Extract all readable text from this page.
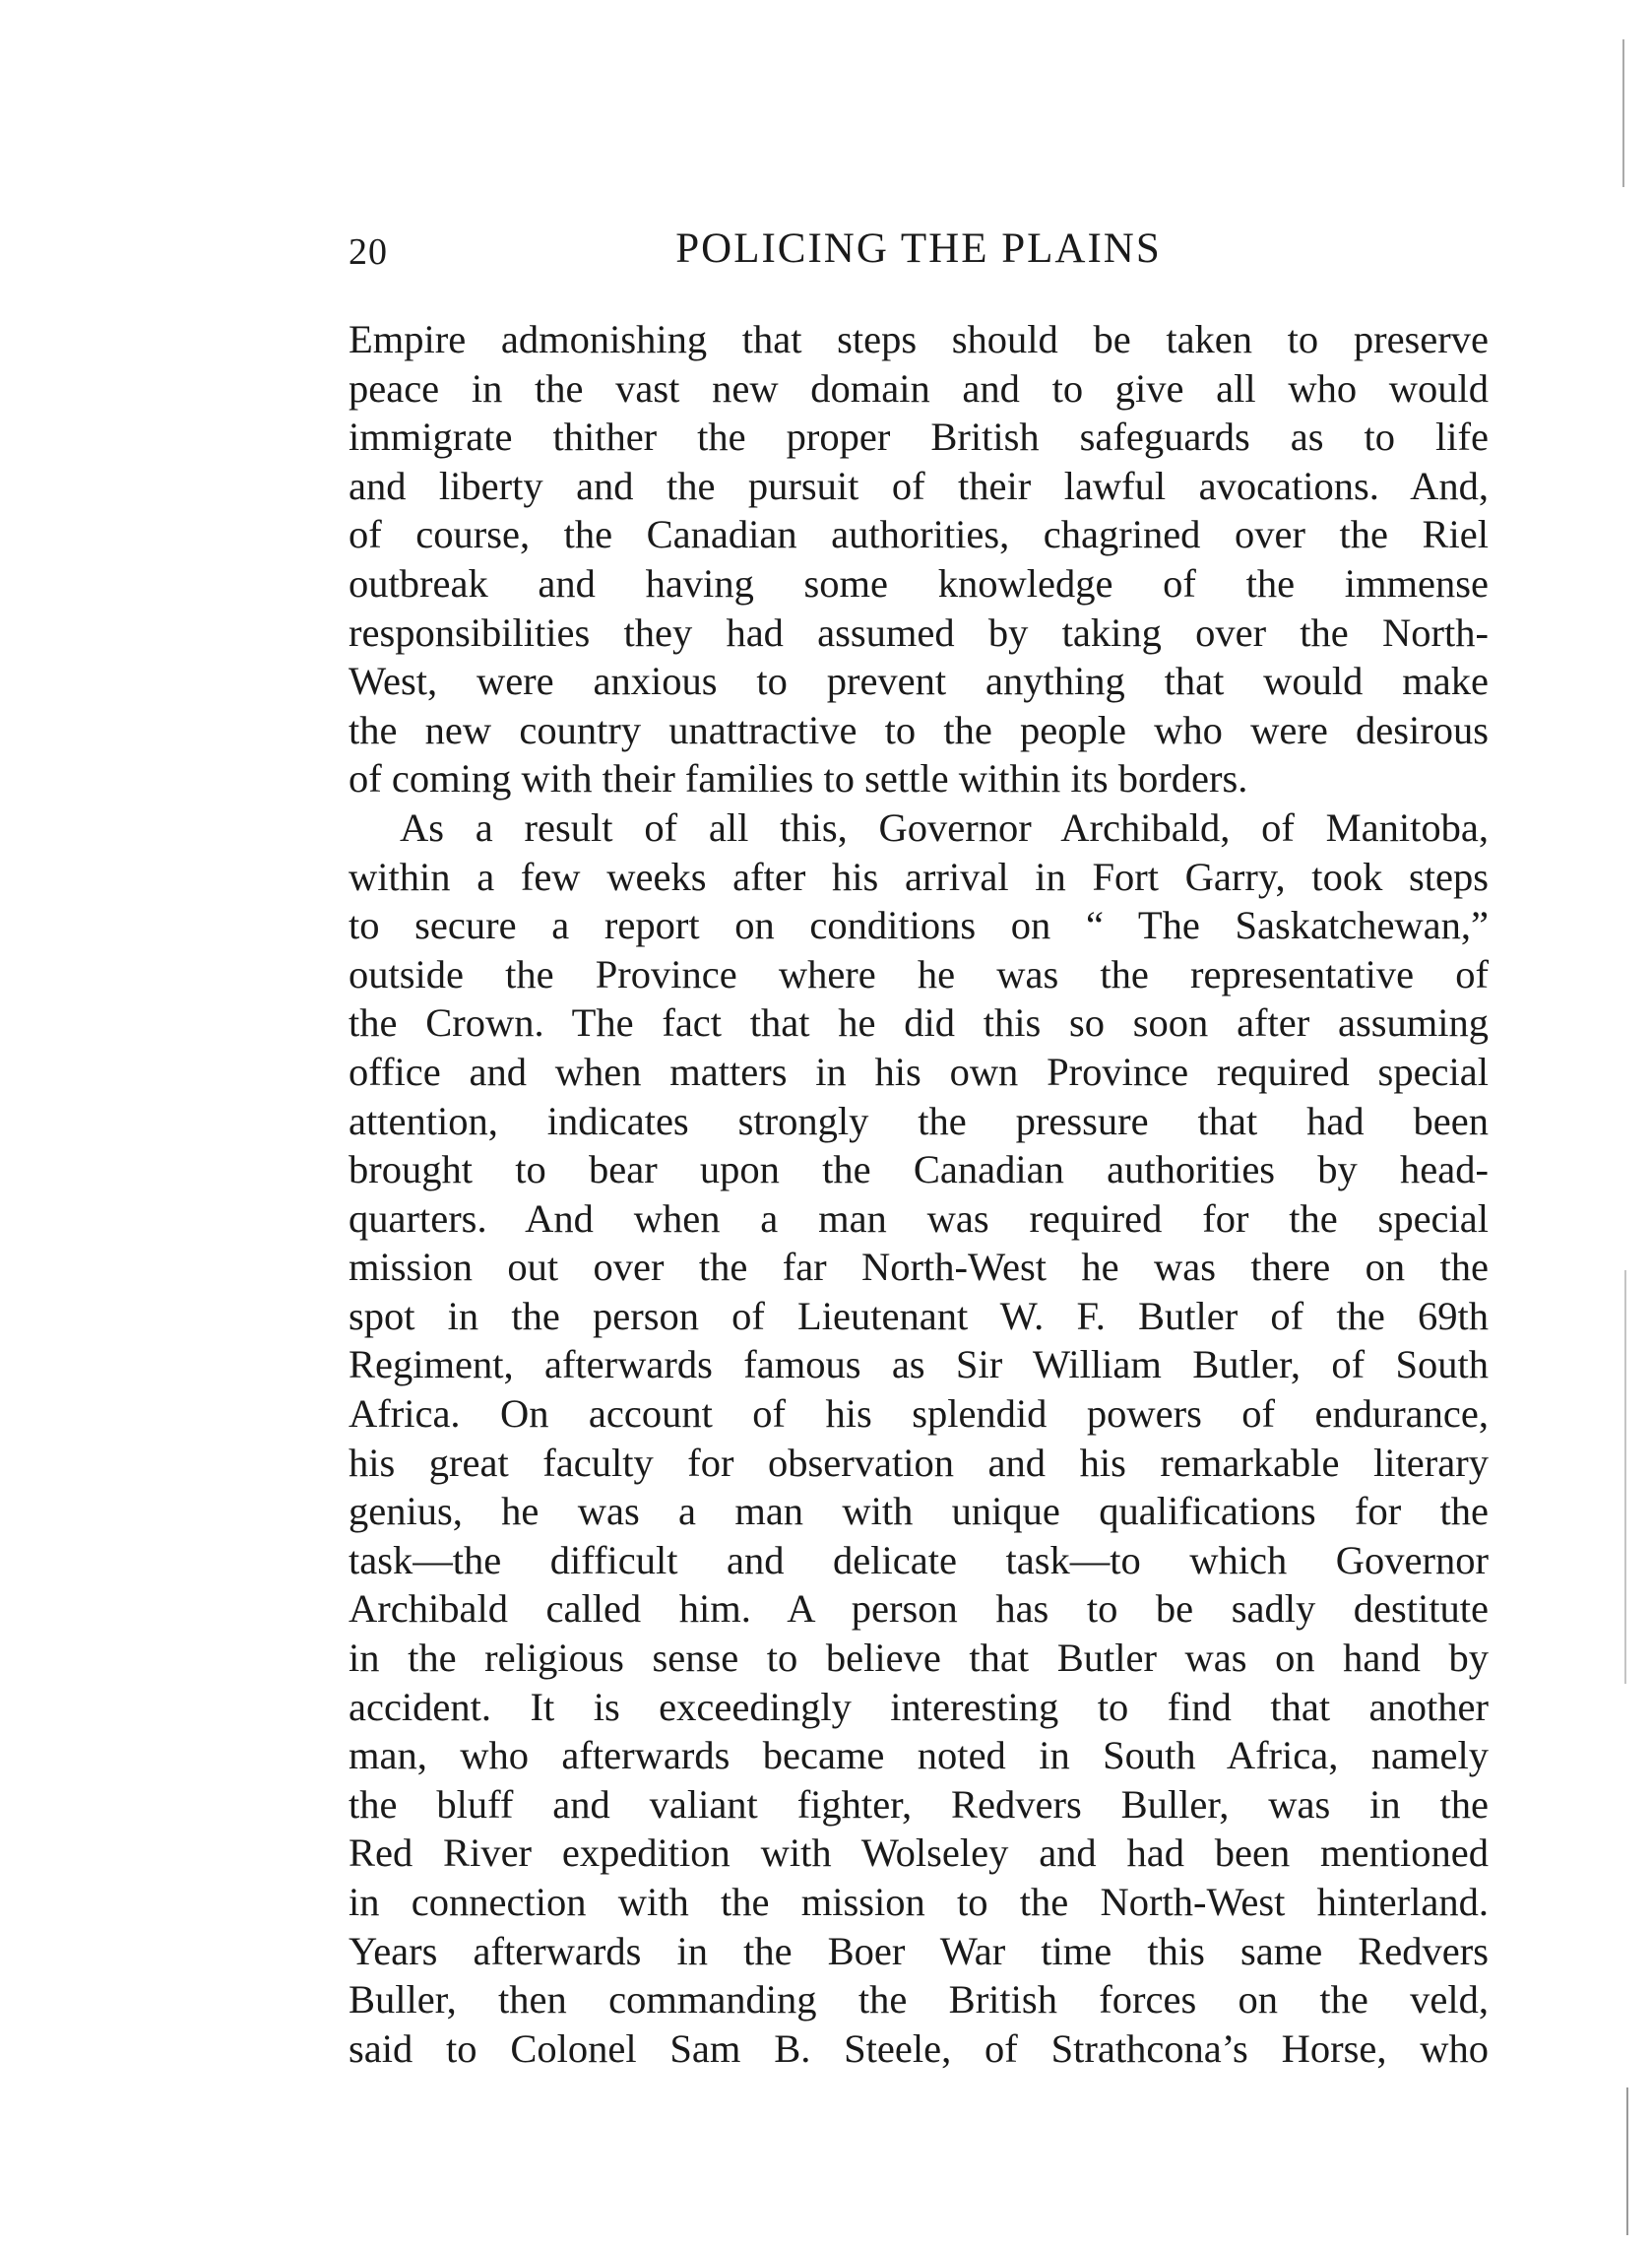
20	POLICING THE PLAINS
Empire admonishing that steps should be taken to preserve
peace in the vast new domain and to give all who would
immigrate thither the proper British safeguards as to life
and liberty and the pursuit of their lawful avocations. And,
of course, the Canadian authorities, chagrined over the Riel
outbreak and having some knowledge of the immense
responsibilities they had assumed by taking over the North-
West, were anxious to prevent anything that would make
the new country unattractive to the people who were desirous
of coming with their families to settle within its borders.
As a result of all this, Governor Archibald, of Manitoba,
within a few weeks after his arrival in Fort Garry, took steps
to secure a report on conditions on “ The Saskatchewan,”
outside the Province where he was the representative of
the Crown. The fact that he did this so soon after assuming
office and when matters in his own Province required special
attention, indicates strongly the pressure that had been
brought to bear upon the Canadian authorities by head-
quarters. And when a man was required for the special
mission out over the far North-West he was there on the
spot in the person of Lieutenant W. F. Butler of the 69th
Regiment, afterwards famous as Sir William Butler, of South
Africa. On account of his splendid powers of endurance,
his great faculty for observation and his remarkable literary
genius, he was a man with unique qualifications for the
task—the difficult and delicate task—to which Governor
Archibald called him. A person has to be sadly destitute
in the religious sense to believe that Butler was on hand by
accident. It is exceedingly interesting to find that another
man, who afterwards became noted in South Africa, namely
the bluff and valiant fighter, Redvers Buller, was in the
Red River expedition with Wolseley and had been mentioned
in connection with the mission to the North-West hinterland.
Years afterwards in the Boer War time this same Redvers
Buller, then commanding the British forces on the veld,
said to Colonel Sam B. Steele, of Strathcona’s Horse, who
